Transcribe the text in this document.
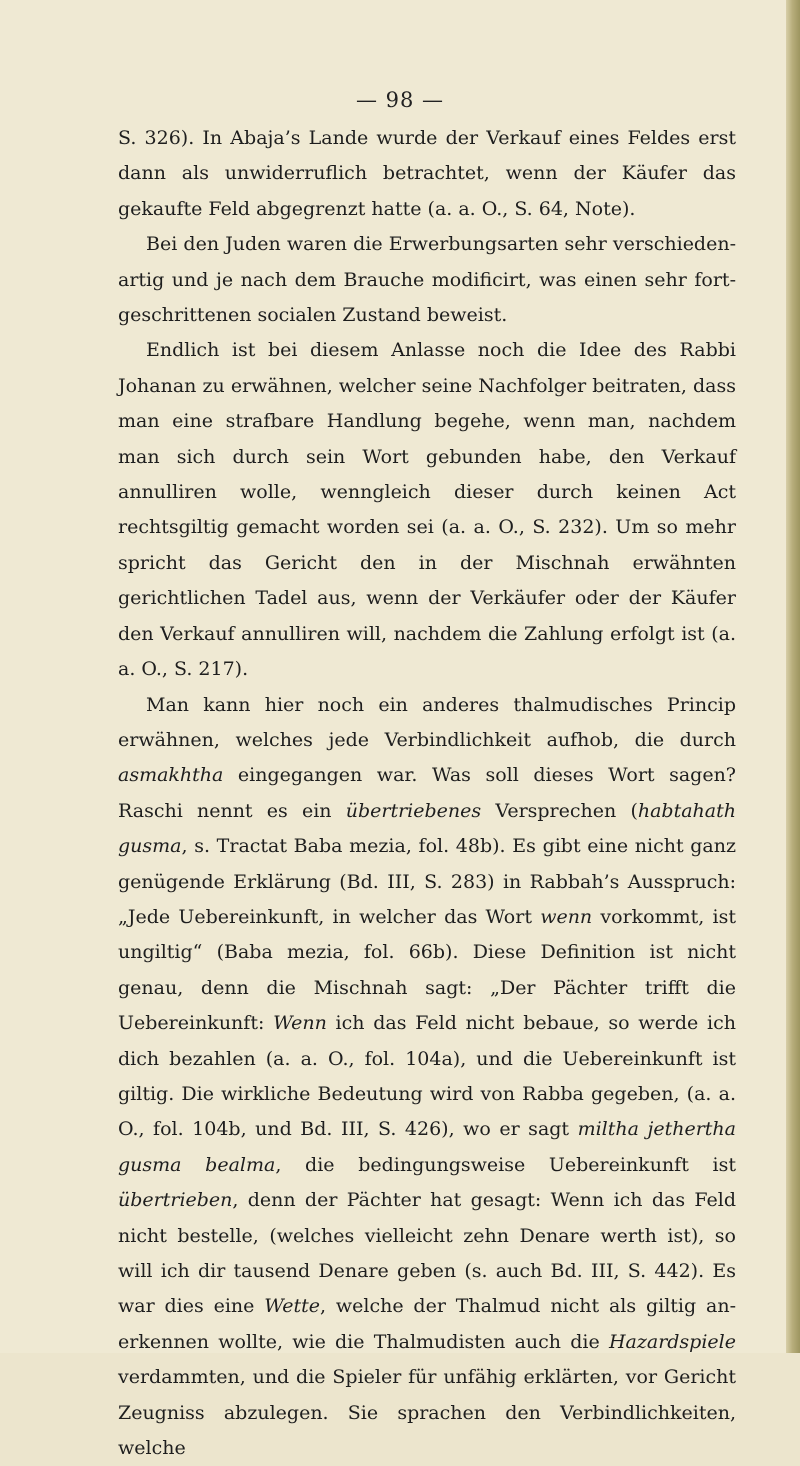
— 98 —

S. 326). In Abaja’s Lande wurde der Verkauf eines Feldes erst dann als unwiderruflich betrachtet, wenn der Käufer das gekaufte Feld abgegrenzt hatte (a. a. O., S. 64, Note).

Bei den Juden waren die Erwerbungsarten sehr verschieden-artig und je nach dem Brauche modificirt, was einen sehr fort-geschrittenen socialen Zustand beweist.

Endlich ist bei diesem Anlasse noch die Idee des Rabbi Johanan zu erwähnen, welcher seine Nachfolger beitraten, dass man eine strafbare Handlung begehe, wenn man, nachdem man sich durch sein Wort gebunden habe, den Verkauf annulliren wolle, wenngleich dieser durch keinen Act rechtsgiltig gemacht worden sei (a. a. O., S. 232). Um so mehr spricht das Gericht den in der Mischnah erwähnten gerichtlichen Tadel aus, wenn der Verkäufer oder der Käufer den Verkauf annulliren will, nachdem die Zahlung erfolgt ist (a. a. O., S. 217).

Man kann hier noch ein anderes thalmudisches Princip erwähnen, welches jede Verbindlichkeit aufhob, die durch asmakhtha eingegangen war. Was soll dieses Wort sagen? Raschi nennt es ein übertriebenes Versprechen (habtahath gusma, s. Tractat Baba mezia, fol. 48b). Es gibt eine nicht ganz genügende Erklärung (Bd. III, S. 283) in Rabbah’s Ausspruch: „Jede Uebereinkunft, in welcher das Wort wenn vorkommt, ist ungiltig“ (Baba mezia, fol. 66b). Diese Definition ist nicht genau, denn die Mischnah sagt: „Der Pächter trifft die Uebereinkunft: Wenn ich das Feld nicht bebaue, so werde ich dich bezahlen (a. a. O., fol. 104a), und die Uebereinkunft ist giltig. Die wirkliche Bedeutung wird von Rabba gegeben, (a. a. O., fol. 104b, und Bd. III, S. 426), wo er sagt miltha jethertha gusma bealma, die bedingungsweise Uebereinkunft ist übertrieben, denn der Pächter hat gesagt: Wenn ich das Feld nicht bestelle, (welches vielleicht zehn Denare werth ist), so will ich dir tausend Denare geben (s. auch Bd. III, S. 442). Es war dies eine Wette, welche der Thalmud nicht als giltig an-erkennen wollte, wie die Thalmudisten auch die Hazardspiele verdammten, und die Spieler für unfähig erklärten, vor Gericht Zeugniss abzulegen. Sie sprachen den Verbindlichkeiten, welche
